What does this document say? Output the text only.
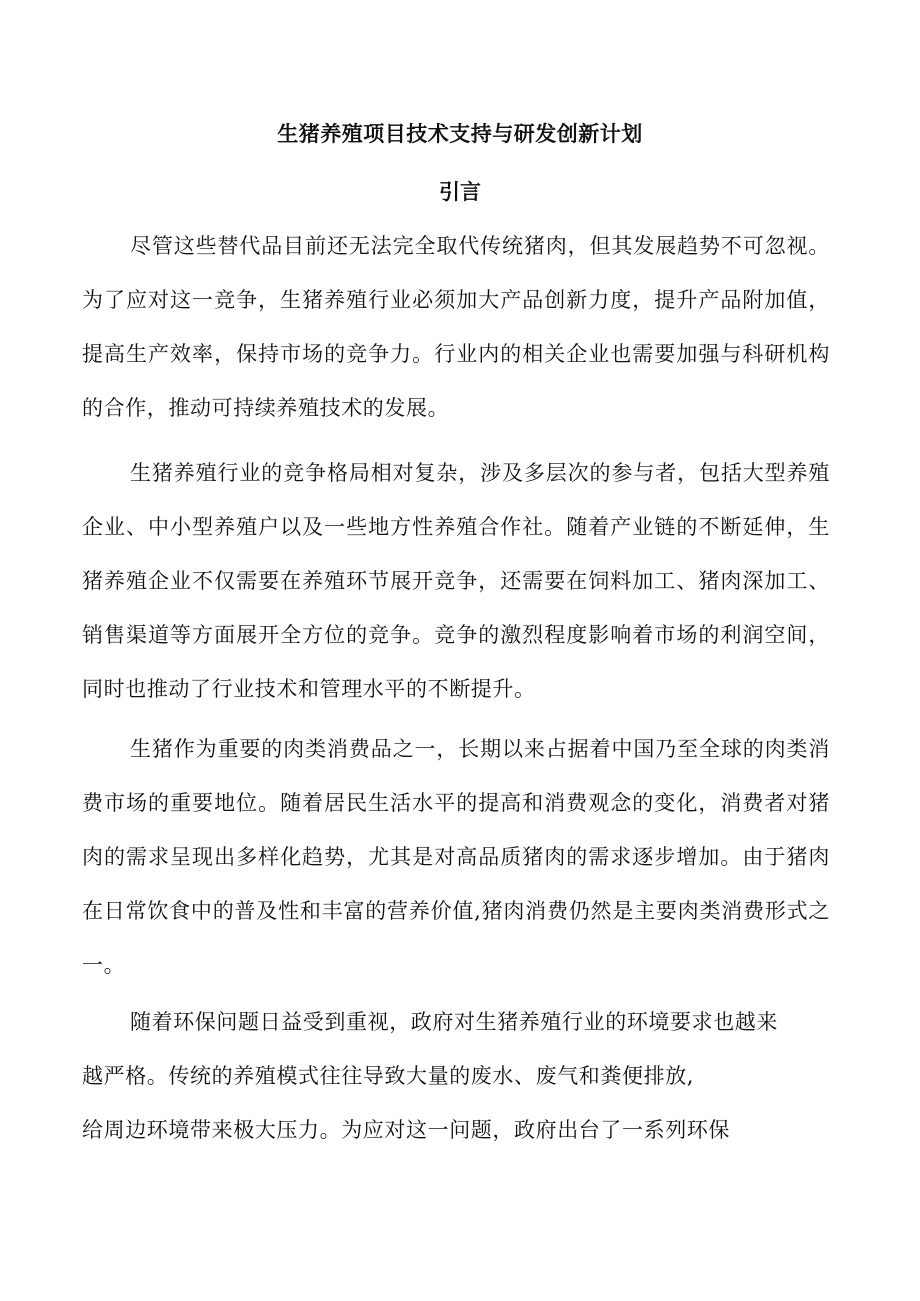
生猪养殖项目技术支持与研发创新计划
引言

尽管这些替代品目前还无法完全取代传统猪肉，但其发展趋势不可忽视。为了应对这一竞争，生猪养殖行业必须加大产品创新力度，提升产品附加值，提高生产效率，保持市场的竞争力。行业内的相关企业也需要加强与科研机构的合作，推动可持续养殖技术的发展。

生猪养殖行业的竞争格局相对复杂，涉及多层次的参与者，包括大型养殖企业、中小型养殖户以及一些地方性养殖合作社。随着产业链的不断延伸，生猪养殖企业不仅需要在养殖环节展开竞争，还需要在饲料加工、猪肉深加工、销售渠道等方面展开全方位的竞争。竞争的激烈程度影响着市场的利润空间，同时也推动了行业技术和管理水平的不断提升。

生猪作为重要的肉类消费品之一，长期以来占据着中国乃至全球的肉类消费市场的重要地位。随着居民生活水平的提高和消费观念的变化，消费者对猪肉的需求呈现出多样化趋势，尤其是对高品质猪肉的需求逐步增加。由于猪肉在日常饮食中的普及性和丰富的营养价值,猪肉消费仍然是主要肉类消费形式之一。

随着环保问题日益受到重视，政府对生猪养殖行业的环境要求也越来
越严格。传统的养殖模式往往导致大量的废水、废气和粪便排放,
给周边环境带来极大压力。为应对这一问题，政府出台了一系列环保
